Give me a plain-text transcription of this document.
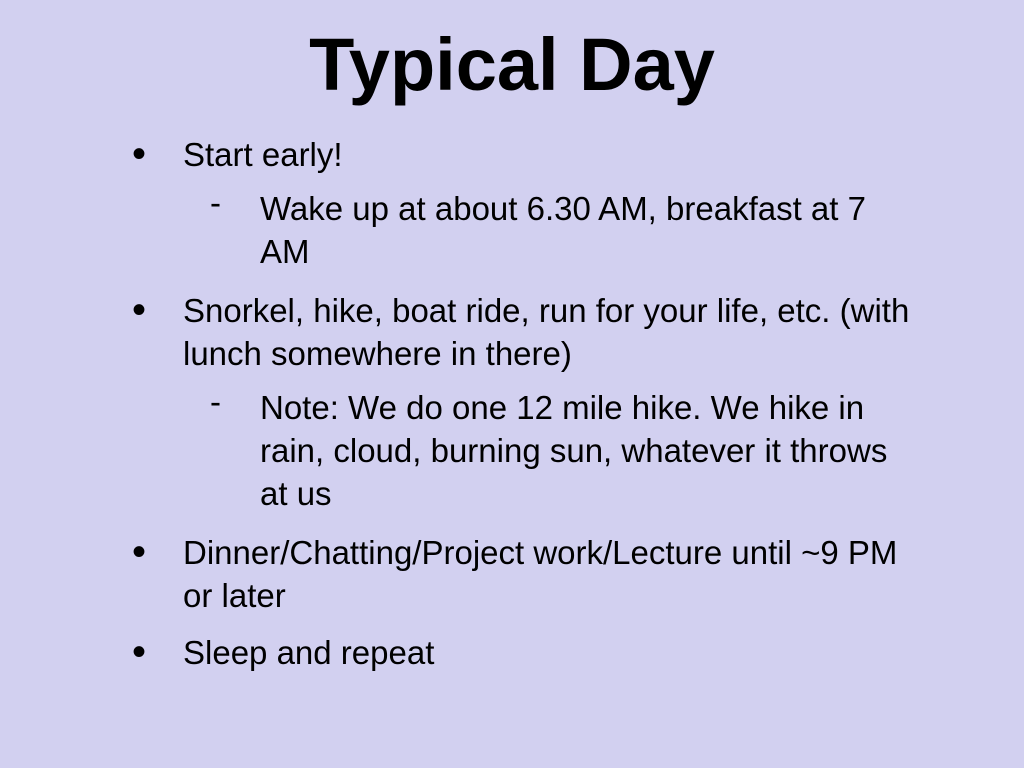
Typical Day
• Start early!
- Wake up at about 6.30 AM, breakfast at 7 AM
• Snorkel, hike, boat ride, run for your life, etc. (with lunch somewhere in there)
- Note: We do one 12 mile hike. We hike in rain, cloud, burning sun, whatever it throws at us
• Dinner/Chatting/Project work/Lecture until ~9 PM or later
• Sleep and repeat
